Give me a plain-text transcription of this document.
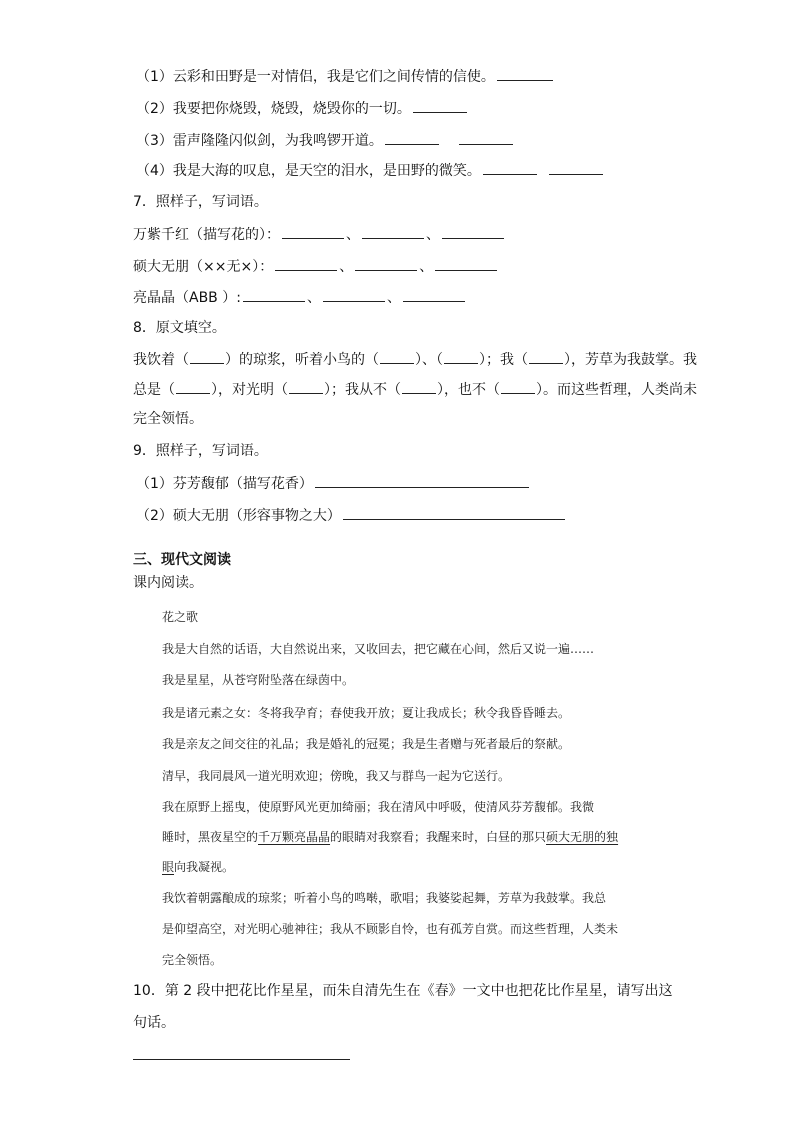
（1）云彩和田野是一对情侣，我是它们之间传情的信使。
（2）我要把你烧毁，烧毁，烧毁你的一切。
（3）雷声隆隆闪似剑，为我鸣锣开道。
（4）我是大海的叹息，是天空的泪水，是田野的微笑。
7．照样子，写词语。
万紫千红（描写花的）：	、	、
硕大无朋（××无×）：	、	、
亮晶晶（ABB ）:	、	、
8．原文填空。
我饮着（	）的琼浆，听着小鸟的（	）、（	）；我（	），芳草为我鼓掌。我
总是（	），对光明（	）；我从不（	），也不（	）。而这些哲理，人类尚未
完全领悟。
9．照样子，写词语。
（1）芬芳馥郁（描写花香）
（2）硕大无朋（形容事物之大）
三、现代文阅读
课内阅读。
花之歌
我是大自然的话语，大自然说出来，又收回去，把它藏在心间，然后又说一遍……
我是星星，从苍穹附坠落在绿茵中。
我是诸元素之女：冬将我孕育；春使我开放；夏让我成长；秋令我昏昏睡去。
我是亲友之间交往的礼品；我是婚礼的冠冕；我是生者赠与死者最后的祭献。
清早，我同晨风一道光明欢迎；傍晚，我又与群鸟一起为它送行。
我在原野上摇曳，使原野风光更加绮丽；我在清风中呼吸，使清风芬芳馥郁。我微
睡时，黑夜星空的千万颗亮晶晶的眼睛对我察看；我醒来时，白昼的那只硕大无朋的独
眼向我凝视。
我饮着朝露酿成的琼浆；听着小鸟的鸣啭，歌唱；我婆娑起舞，芳草为我鼓掌。我总
是仰望高空，对光明心驰神往；我从不顾影自怜，也有孤芳自赏。而这些哲理，人类未
完全领悟。
10．第 2 段中把花比作星星，而朱自清先生在《春》一文中也把花比作星星，请写出这
句话。
